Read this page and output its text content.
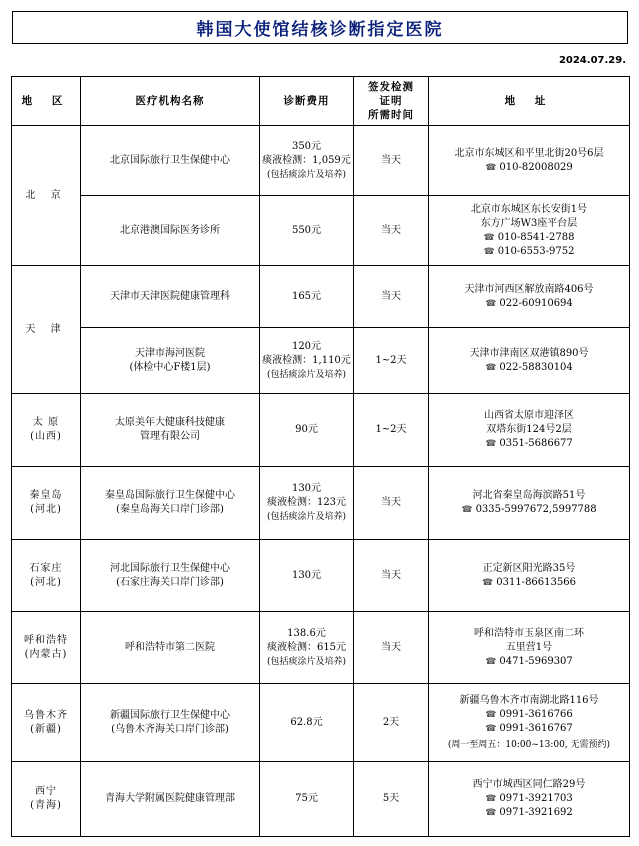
韩国大使馆结核诊断指定医院
2024.07.29.
地 区	医疗机构名称	诊断费用	签发检测
证明
所需时间	地 址

北 京	北京国际旅行卫生保健中心	350元
痰液检测：1,059元
(包括痰涂片及培养)	当天	北京市东城区和平里北街20号6层
☎ 010-82008029

	北京港澳国际医务诊所	550元	当天	北京市东城区东长安街1号
东方广场W3座平台层
☎ 010-8541-2788
☎ 010-6553-9752

天 津	天津市天津医院健康管理科	165元	当天	天津市河西区解放南路406号
☎ 022-60910694

	天津市海河医院
(体检中心F楼1层)	120元
痰液检测：1,110元
(包括痰涂片及培养)	1~2天	天津市津南区双港镇890号
☎ 022-58830104

太 原
(山西)	太原美年大健康科技健康
管理有限公司	90元	1~2天	山西省太原市迎泽区
双塔东街124号2层
☎ 0351-5686677

秦皇岛
(河北)	秦皇岛国际旅行卫生保健中心
(秦皇岛海关口岸门诊部)	130元
痰液检测：123元
(包括痰涂片及培养)	当天	河北省秦皇岛海滨路51号
☎ 0335-5997672,5997788

石家庄
(河北)	河北国际旅行卫生保健中心
(石家庄海关口岸门诊部)	130元	当天	正定新区阳光路35号
☎ 0311-86613566

呼和浩特
(内蒙古)	呼和浩特市第二医院	138.6元
痰液检测：615元
(包括痰涂片及培养)	当天	呼和浩特市玉泉区南二环
五里营1号
☎ 0471-5969307

乌鲁木齐
(新疆)	新疆国际旅行卫生保健中心
(乌鲁木齐海关口岸门诊部)	62.8元	2天	新疆乌鲁木齐市南湖北路116号
☎ 0991-3616766
☎ 0991-3616767
(周一至周五：10:00~13:00, 无需预约)

西宁
(青海)	青海大学附属医院健康管理部	75元	5天	西宁市城西区同仁路29号
☎ 0971-3921703
☎ 0971-3921692
